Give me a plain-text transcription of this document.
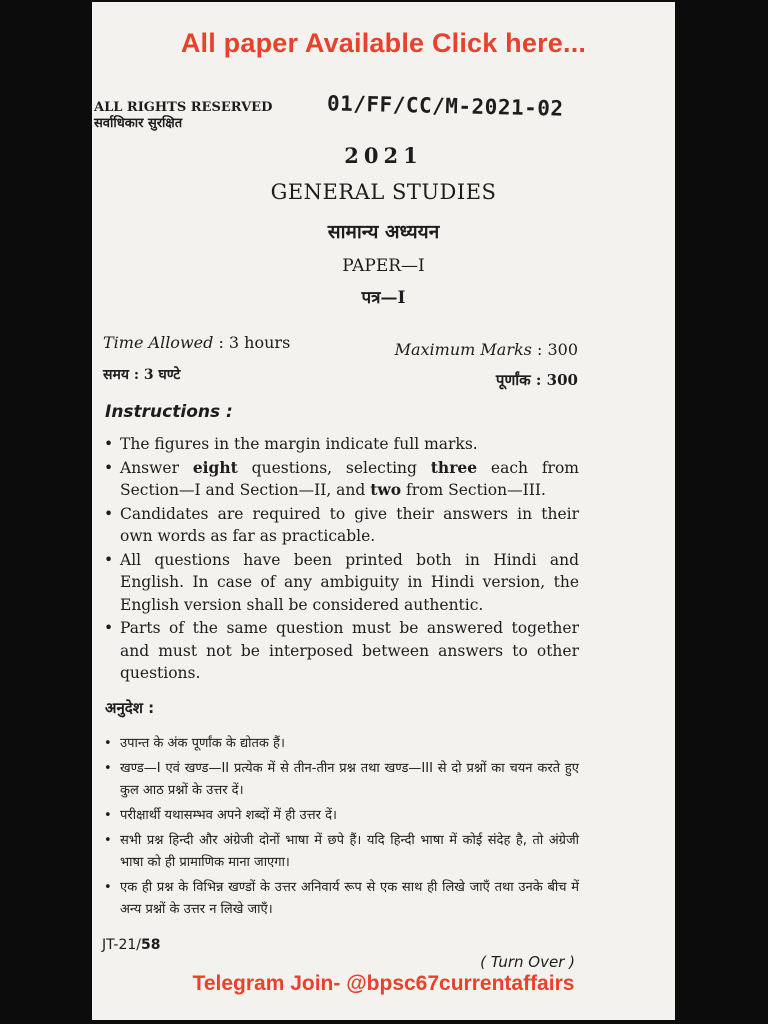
All paper Available Click here...
ALL RIGHTS RESERVED
सर्वाधिकार सुरक्षित
01/FF/CC/M-2021-02
2021
GENERAL STUDIES
सामान्य अध्ययन
PAPER—I
पत्र—I
Time Allowed : 3 hours
समय : 3 घण्टे
Maximum Marks : 300
पूर्णांक : 300
Instructions :
• The figures in the margin indicate full marks.
• Answer eight questions, selecting three each from Section—I and Section—II, and two from Section—III.
• Candidates are required to give their answers in their own words as far as practicable.
• All questions have been printed both in Hindi and English. In case of any ambiguity in Hindi version, the English version shall be considered authentic.
• Parts of the same question must be answered together and must not be interposed between answers to other questions.
अनुदेश :
• उपान्त के अंक पूर्णांक के द्योतक हैं।
• खण्ड—I एवं खण्ड—II प्रत्येक में से तीन-तीन प्रश्न तथा खण्ड—III से दो प्रश्नों का चयन करते हुए कुल आठ प्रश्नों के उत्तर दें।
• परीक्षार्थी यथासम्भव अपने शब्दों में ही उत्तर दें।
• सभी प्रश्न हिन्दी और अंग्रेजी दोनों भाषा में छपे हैं। यदि हिन्दी भाषा में कोई संदेह है, तो अंग्रेजी भाषा को ही प्रामाणिक माना जाएगा।
• एक ही प्रश्न के विभिन्न खण्डों के उत्तर अनिवार्य रूप से एक साथ ही लिखे जाएँ तथा उनके बीच में अन्य प्रश्नों के उत्तर न लिखे जाएँ।
JT-21/58
( Turn Over )
Telegram Join- @bpsc67currentaffairs
